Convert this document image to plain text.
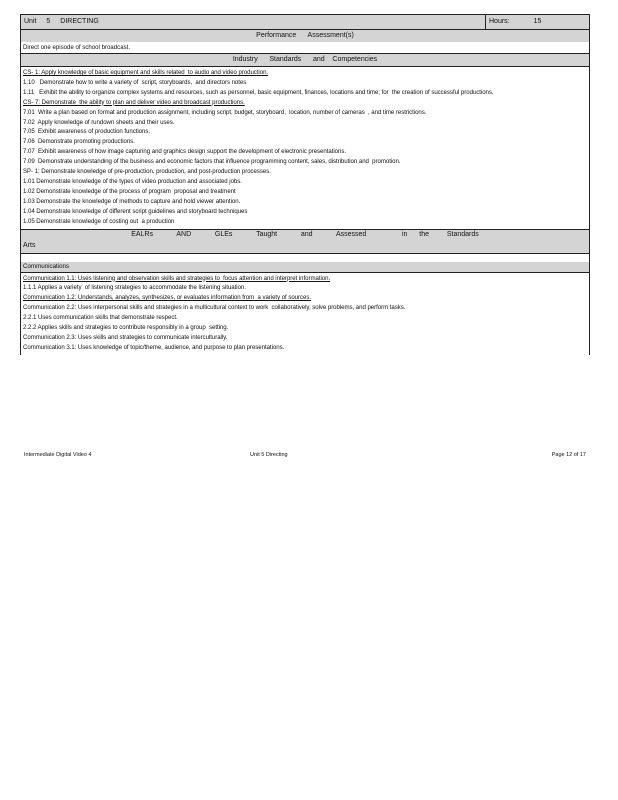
Unit 5 DIRECTING	Hours:	15
Performance      Assessment(s)
Direct one episode of school broadcast.
Industry      Standards      and    Competencies
CS- 1: Apply knowledge of basic equipment and skills related  to audio and video production.
1.10   Demonstrate how to write a variety of  script, storyboards,  and directors notes
1.11   Exhibit the ability to organize complex systems and resources, such as personnel, basic equipment, finances, locations and time; for  the creation of successful productions.
CS- 7: Demonstrate  the ability to plan and deliver video and broadcast productions.
7.01  Write a plan based on format and production assignment, including script, budget, storyboard,  location, number of cameras  , and time restrictions.
7.02  Apply knowledge of rundown sheets and their uses.
7.05  Exhibit awareness of production functions.
7.06  Demonstrate promoting productions.
7.07  Exhibit awareness of how image capturing and graphics design support the development of electronic presentations.
7.09  Demonstrate understanding of the business and economic factors that influence programming content, sales, distribution and  promotion.
SP- 1: Demonstrate knowledge of pre-production, production, and post-production processes.
1.01 Demonstrate knowledge of the types of video production and associated jobs.
1.02 Demonstrate knowledge of the process of program  proposal and treatment
1.03 Demonstrate the knowledge of methods to capture and hold viewer attention.
1.04 Demonstrate knowledge of different script guidelines and storyboard techniques
1.05 Demonstrate knowledge of costing out  a production
EALRs    AND    GLEs    Taught    and    Assessed      in  the   Standards
Arts
Communications
Communication 1.1: Uses listening and observation skills and strategies to  focus attention and interpret information.
1.1.1 Applies a variety  of listening strategies to accommodate the listening situation.
Communication 1.2: Understands, analyzes, synthesizes, or evaluates information from  a variety of sources.
Communication 2.2: Uses interpersonal skills and strategies in a multicultural context to work  collaboratively, solve problems, and perform tasks.
2.2.1 Uses communication skills that demonstrate respect.
2.2.2 Applies skills and strategies to contribute responsibly in a group  setting.
Communication 2.3: Uses skills and strategies to communicate interculturally.
Communication 3.1: Uses knowledge of topic/theme, audience, and purpose to plan presentations.
Intermediate Digital Video 4	Unit 5 Directing	Page 12 of 17
